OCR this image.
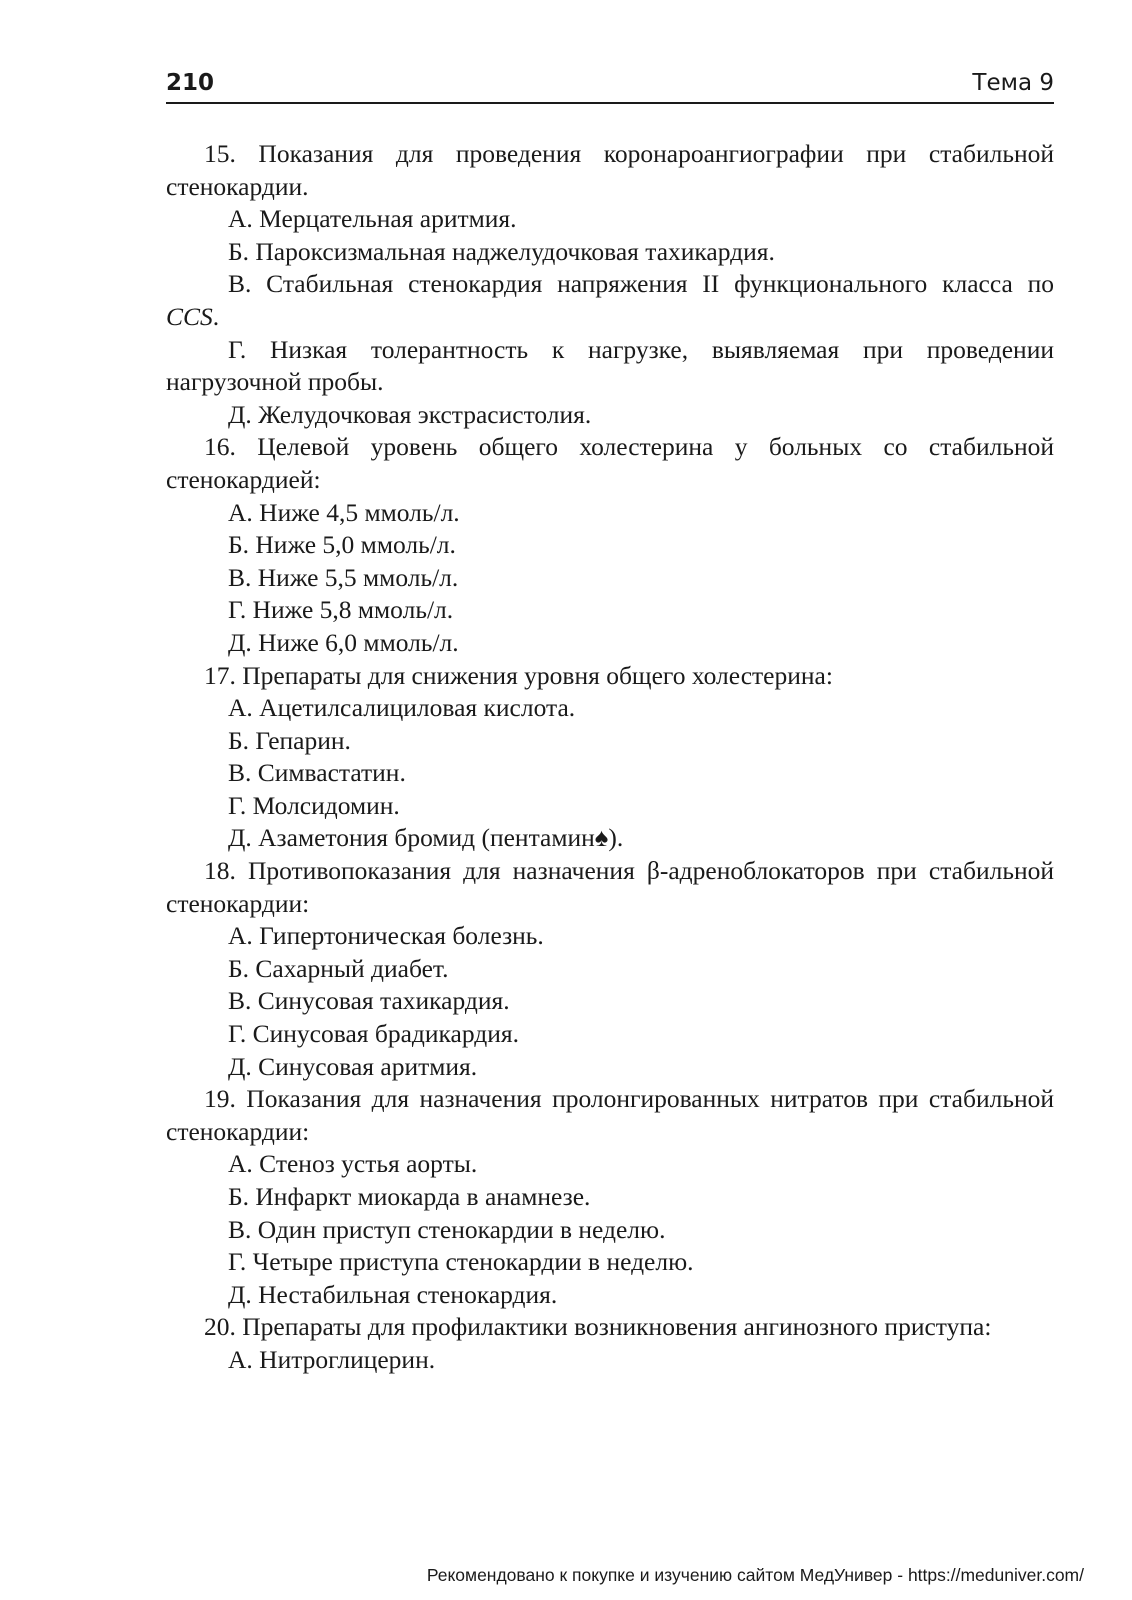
210	Тема 9

15. Показания для проведения коронароангиографии при стабильной стенокардии.

А. Мерцательная аритмия.

Б. Пароксизмальная наджелудочковая тахикардия.

В. Стабильная стенокардия напряжения II функционального класса по CCS.

Г. Низкая толерантность к нагрузке, выявляемая при проведении нагрузочной пробы.

Д. Желудочковая экстрасистолия.

16. Целевой уровень общего холестерина у больных со стабильной стенокардией:

А. Ниже 4,5 ммоль/л.

Б. Ниже 5,0 ммоль/л.

В. Ниже 5,5 ммоль/л.

Г. Ниже 5,8 ммоль/л.

Д. Ниже 6,0 ммоль/л.

17. Препараты для снижения уровня общего холестерина:

А. Ацетилсалициловая кислота.

Б. Гепарин.

В. Симвастатин.

Г. Молсидомин.

Д. Азаметония бромид (пентамин♠).

18. Противопоказания для назначения β-адреноблокаторов при стабильной стенокардии:

А. Гипертоническая болезнь.

Б. Сахарный диабет.

В. Синусовая тахикардия.

Г. Синусовая брадикардия.

Д. Синусовая аритмия.

19. Показания для назначения пролонгированных нитратов при стабильной стенокардии:

А. Стеноз устья аорты.

Б. Инфаркт миокарда в анамнезе.

В. Один приступ стенокардии в неделю.

Г. Четыре приступа стенокардии в неделю.

Д. Нестабильная стенокардия.

20. Препараты для профилактики возникновения ангинозного приступа:

А. Нитроглицерин.

Рекомендовано к покупке и изучению сайтом МедУнивер - https://meduniver.com/
